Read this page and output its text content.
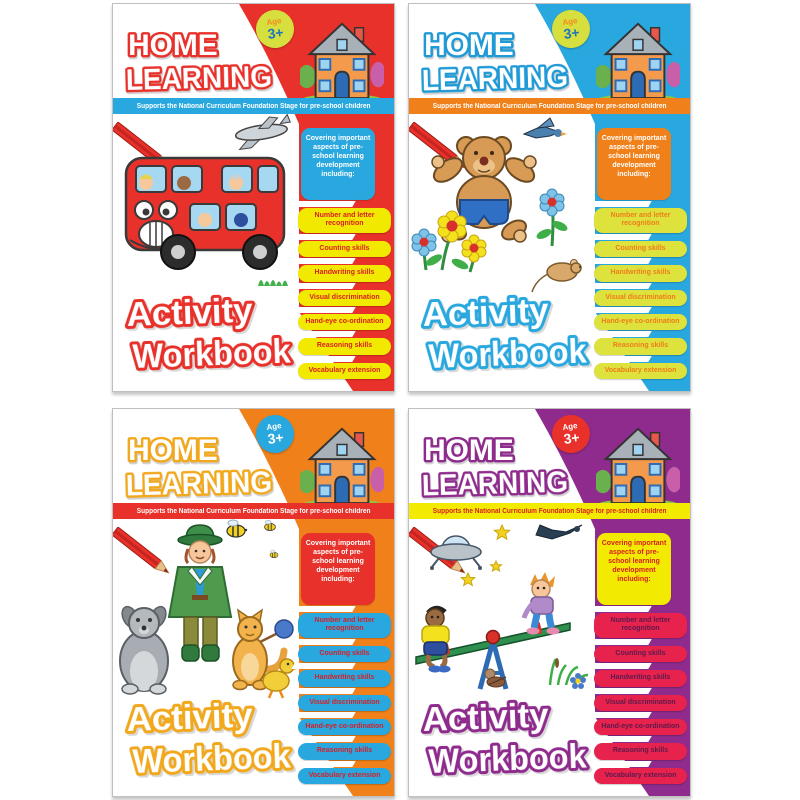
HOME
LEARNING
Age
3+
Supports the National Curriculum Foundation Stage for pre-school children
Covering important aspects of pre-school learning development including:
Number and letter recognition
Counting skills
Handwriting skills
Visual discrimination
Hand-eye co-ordination
Reasoning skills
Vocabulary extension
Activity
Workbook
HOME
LEARNING
Age
3+
Supports the National Curriculum Foundation Stage for pre-school children
Covering important aspects of pre-school learning development including:
Number and letter recognition
Counting skills
Handwriting skills
Visual discrimination
Hand-eye co-ordination
Reasoning skills
Vocabulary extension
Activity
Workbook
HOME
LEARNING
Age
3+
Supports the National Curriculum Foundation Stage for pre-school children
Covering important aspects of pre-school learning development including:
Number and letter recognition
Counting skills
Handwriting skills
Visual discrimination
Hand-eye co-ordination
Reasoning skills
Vocabulary extension
Activity
Workbook
HOME
LEARNING
Age
3+
Supports the National Curriculum Foundation Stage for pre-school children
Covering important aspects of pre-school learning development including:
Number and letter recognition
Counting skills
Handwriting skills
Visual discrimination
Hand-eye co-ordination
Reasoning skills
Vocabulary extension
Activity
Workbook
